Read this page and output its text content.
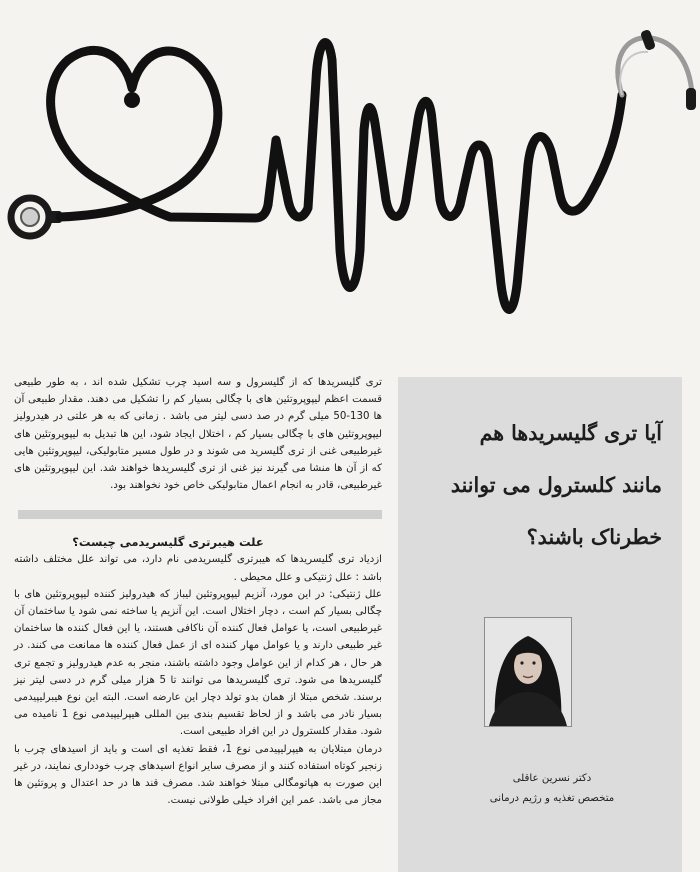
تری گلیسریدها که از گلیسرول و سه اسید چرب تشکیل شده اند ، به طور طبیعی قسمت اعظم لیپوپروتئین های با چگالی بسیار کم را تشکیل می دهند. مقدار طبیعی آن ها 130-50 میلی گرم در صد دسی لیتر می باشد . زمانی که به هر علتی در هیدرولیز لیپوپروتئین های با چگالی بسیار کم ، اختلال ایجاد شود، این ها تبدیل به لیپوپروتئین های غیرطبیعی غنی از تری گلیسرید می شوند و در طول مسیر متابولیکی، لیپوپروتئین هایی که از آن ها منشا می گیرند نیز غنی از تری گلیسریدها خواهند شد. این لیپوپروتئین های غیرطبیعی، قادر به انجام اعمال متابولیکی خاص خود نخواهند بود.

علت هیبرتری گلیسریدمی چیست؟

ازدیاد تری گلیسریدها که هیبرتری گلیسریدمی نام دارد، می تواند علل مختلف داشته باشد : علل ژنتیکی و علل محیطی .

علل ژنتیکی: در این مورد، آنزیم لیپوپروتئین لیباز که هیدرولیز کننده لیپوپروتئین های با چگالی بسیار کم است ، دچار اختلال است. این آنزیم یا ساخته نمی شود یا ساختمان آن غیرطبیعی است، یا عوامل فعال کننده آن ناکافی هستند، یا این فعال کننده ها ساختمان غیر طبیعی دارند و یا عوامل مهار کننده ای از عمل فعال کننده ها ممانعت می کنند. در هر حال ، هر کدام از این عوامل وجود داشته باشند، منجر به عدم هیدرولیز و تجمع تری گلیسریدها می شود. تری گلیسریدها می توانند تا 5 هزار میلی گرم در دسی لیتر نیز برسند. شخص مبتلا از همان بدو تولد دچار این عارضه است. البته این نوع هیبرلیپیدمی بسیار نادر می باشد و از لحاظ تقسیم بندی بین المللی هیپرلیپیدمی نوع 1 نامیده می شود. مقدار کلسترول در این افراد طبیعی است.

درمان مبتلایان به هیپرلیپیدمی نوع 1، فقط تغذیه ای است و باید از اسیدهای چرب با زنجیر کوتاه استفاده کنند و از مصرف سایر انواع اسیدهای چرب خودداری نمایند، در غیر این صورت به هپاتومگالی مبتلا خواهند شد. مصرف قند ها در حد اعتدال و پروتئین ها مجاز می باشد. عمر این افراد خیلی طولانی نیست.

آیا تری گلیسریدها هم
مانند کلسترول می توانند
خطرناک باشند؟
دکتر نسرین عاقلی
متخصص تغذیه و رژیم درمانی
